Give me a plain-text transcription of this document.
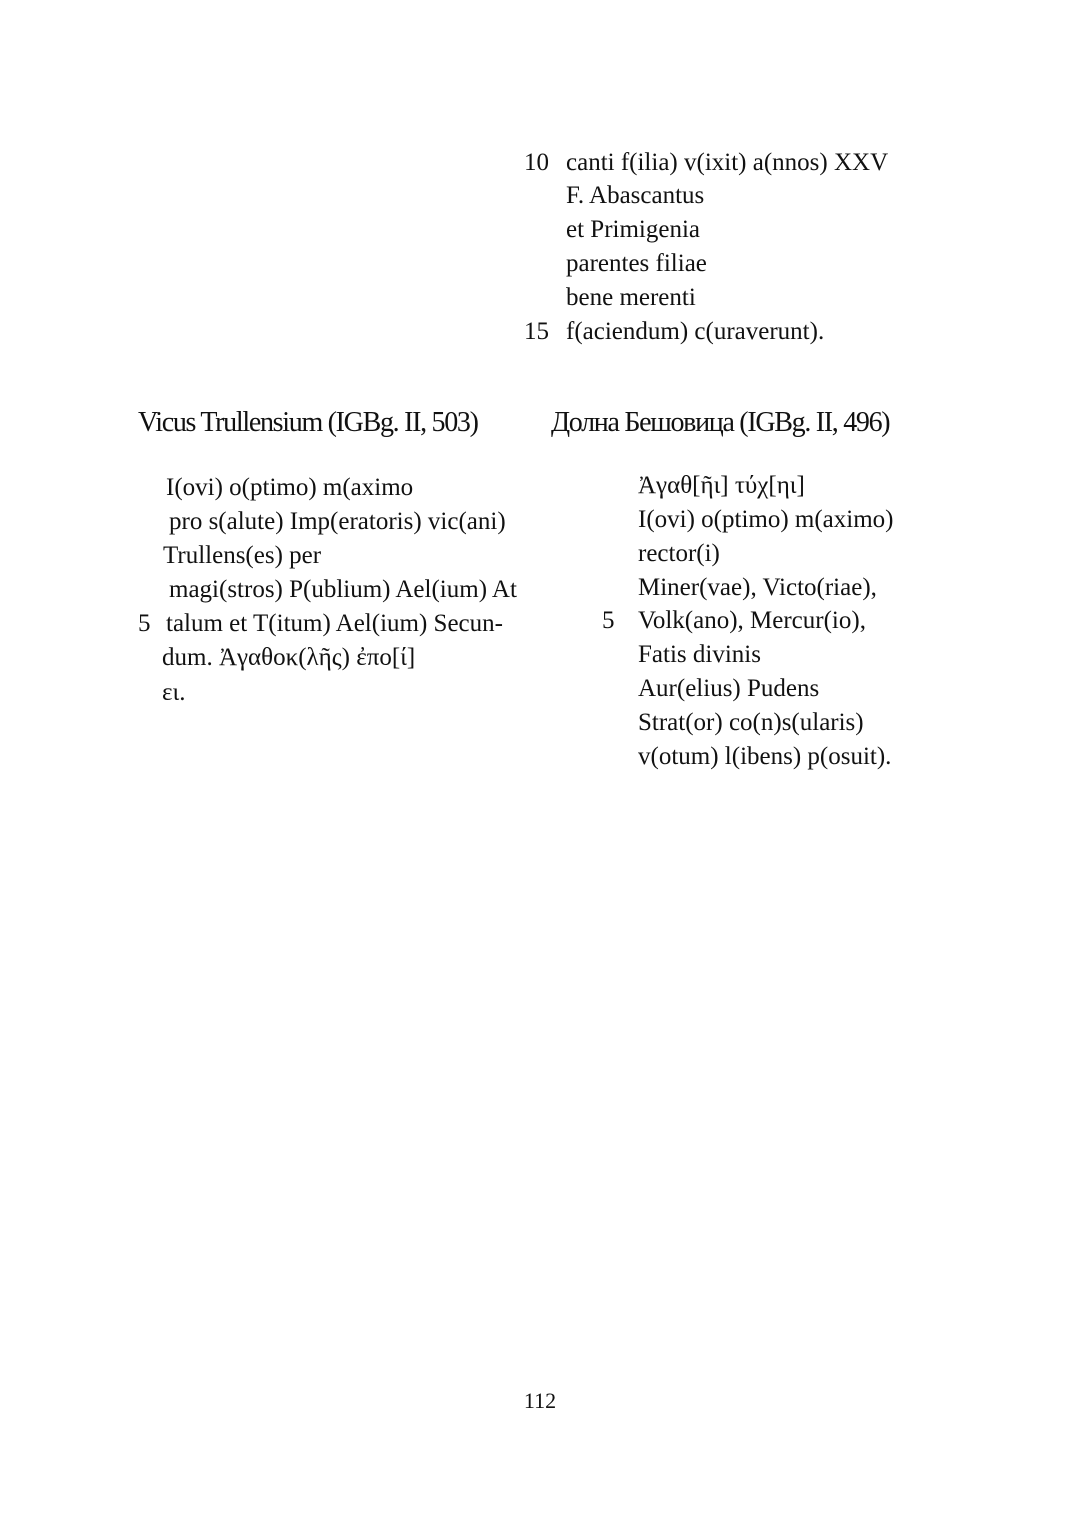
10 canti f(ilia) v(ixit) a(nnos) XXV
F. Abascantus
et Primigenia
parentes filiae
bene merenti
15 f(aciendum) c(uraverunt).
Vicus Trullensium (IGBg. II, 503)	Долна Бешовица (IGBg. II, 496)
I(ovi) o(ptimo) m(aximo
pro s(alute) Imp(eratoris) vic(ani)
Trullens(es) per
magi(stros) P(ublium) Ael(ium) At
5 talum et T(itum) Ael(ium) Secun-
dum. Ἀγαθοκ(λῆς) ἐπο[ί]
ει.
Ἀγαθ[ῆι] τύχ[ηι]
I(ovi) o(ptimo) m(aximo)
rector(i)
Miner(vae), Victo(riae),
5 Volk(ano), Mercur(io),
Fatis divinis
Aur(elius) Pudens
Strat(or) co(n)s(ularis)
v(otum) l(ibens) p(osuit).
112
